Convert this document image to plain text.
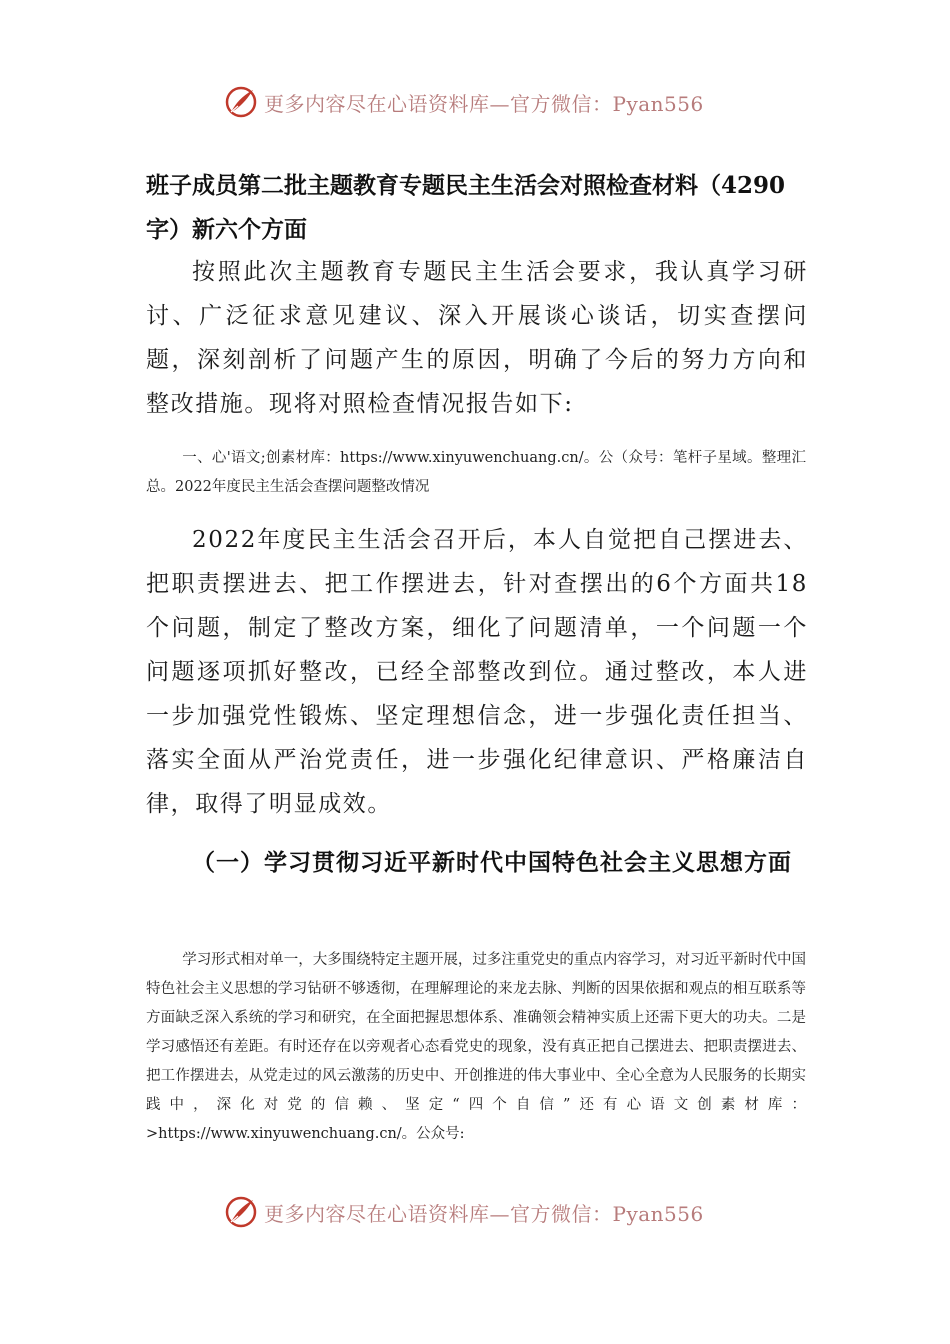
更多内容尽在心语资料库—官方微信：Pyan556
班子成员第二批主题教育专题民主生活会对照检查材料（4290字）新六个方面

按照此次主题教育专题民主生活会要求，我认真学习研讨、广泛征求意见建议、深入开展谈心谈话，切实查摆问题，深刻剖析了问题产生的原因，明确了今后的努力方向和整改措施。现将对照检查情况报告如下:

一、心'语文;创素材库：https://www.xinyuwenchuang.cn/。公（众号：笔杆子星域。整理汇总。2022年度民主生活会查摆问题整改情况

2022年度民主生活会召开后，本人自觉把自己摆进去、把职责摆进去、把工作摆进去，针对查摆出的6个方面共18个问题，制定了整改方案，细化了问题清单，一个问题一个问题逐项抓好整改，已经全部整改到位。通过整改，本人进一步加强党性锻炼、坚定理想信念，进一步强化责任担当、落实全面从严治党责任，进一步强化纪律意识、严格廉洁自律，取得了明显成效。

（一）学习贯彻习近平新时代中国特色社会主义思想方面

学习形式相对单一，大多围绕特定主题开展，过多注重党史的重点内容学习，对习近平新时代中国特色社会主义思想的学习钻研不够透彻，在理解理论的来龙去脉、判断的因果依据和观点的相互联系等方面缺乏深入系统的学习和研究，在全面把握思想体系、准确领会精神实质上还需下更大的功夫。二是学习感悟还有差距。有时还存在以旁观者心态看党史的现象，没有真正把自己摆进去、把职责摆进去、把工作摆进去，从党走过的风云激荡的历史中、开创推进的伟大事业中、全心全意为人民服务的长期实践中，深化对党的信赖、坚定“四个自信”还有心语文创素材库：>https://www.xinyuwenchuang.cn/。公众号:

更多内容尽在心语资料库—官方微信：Pyan556
